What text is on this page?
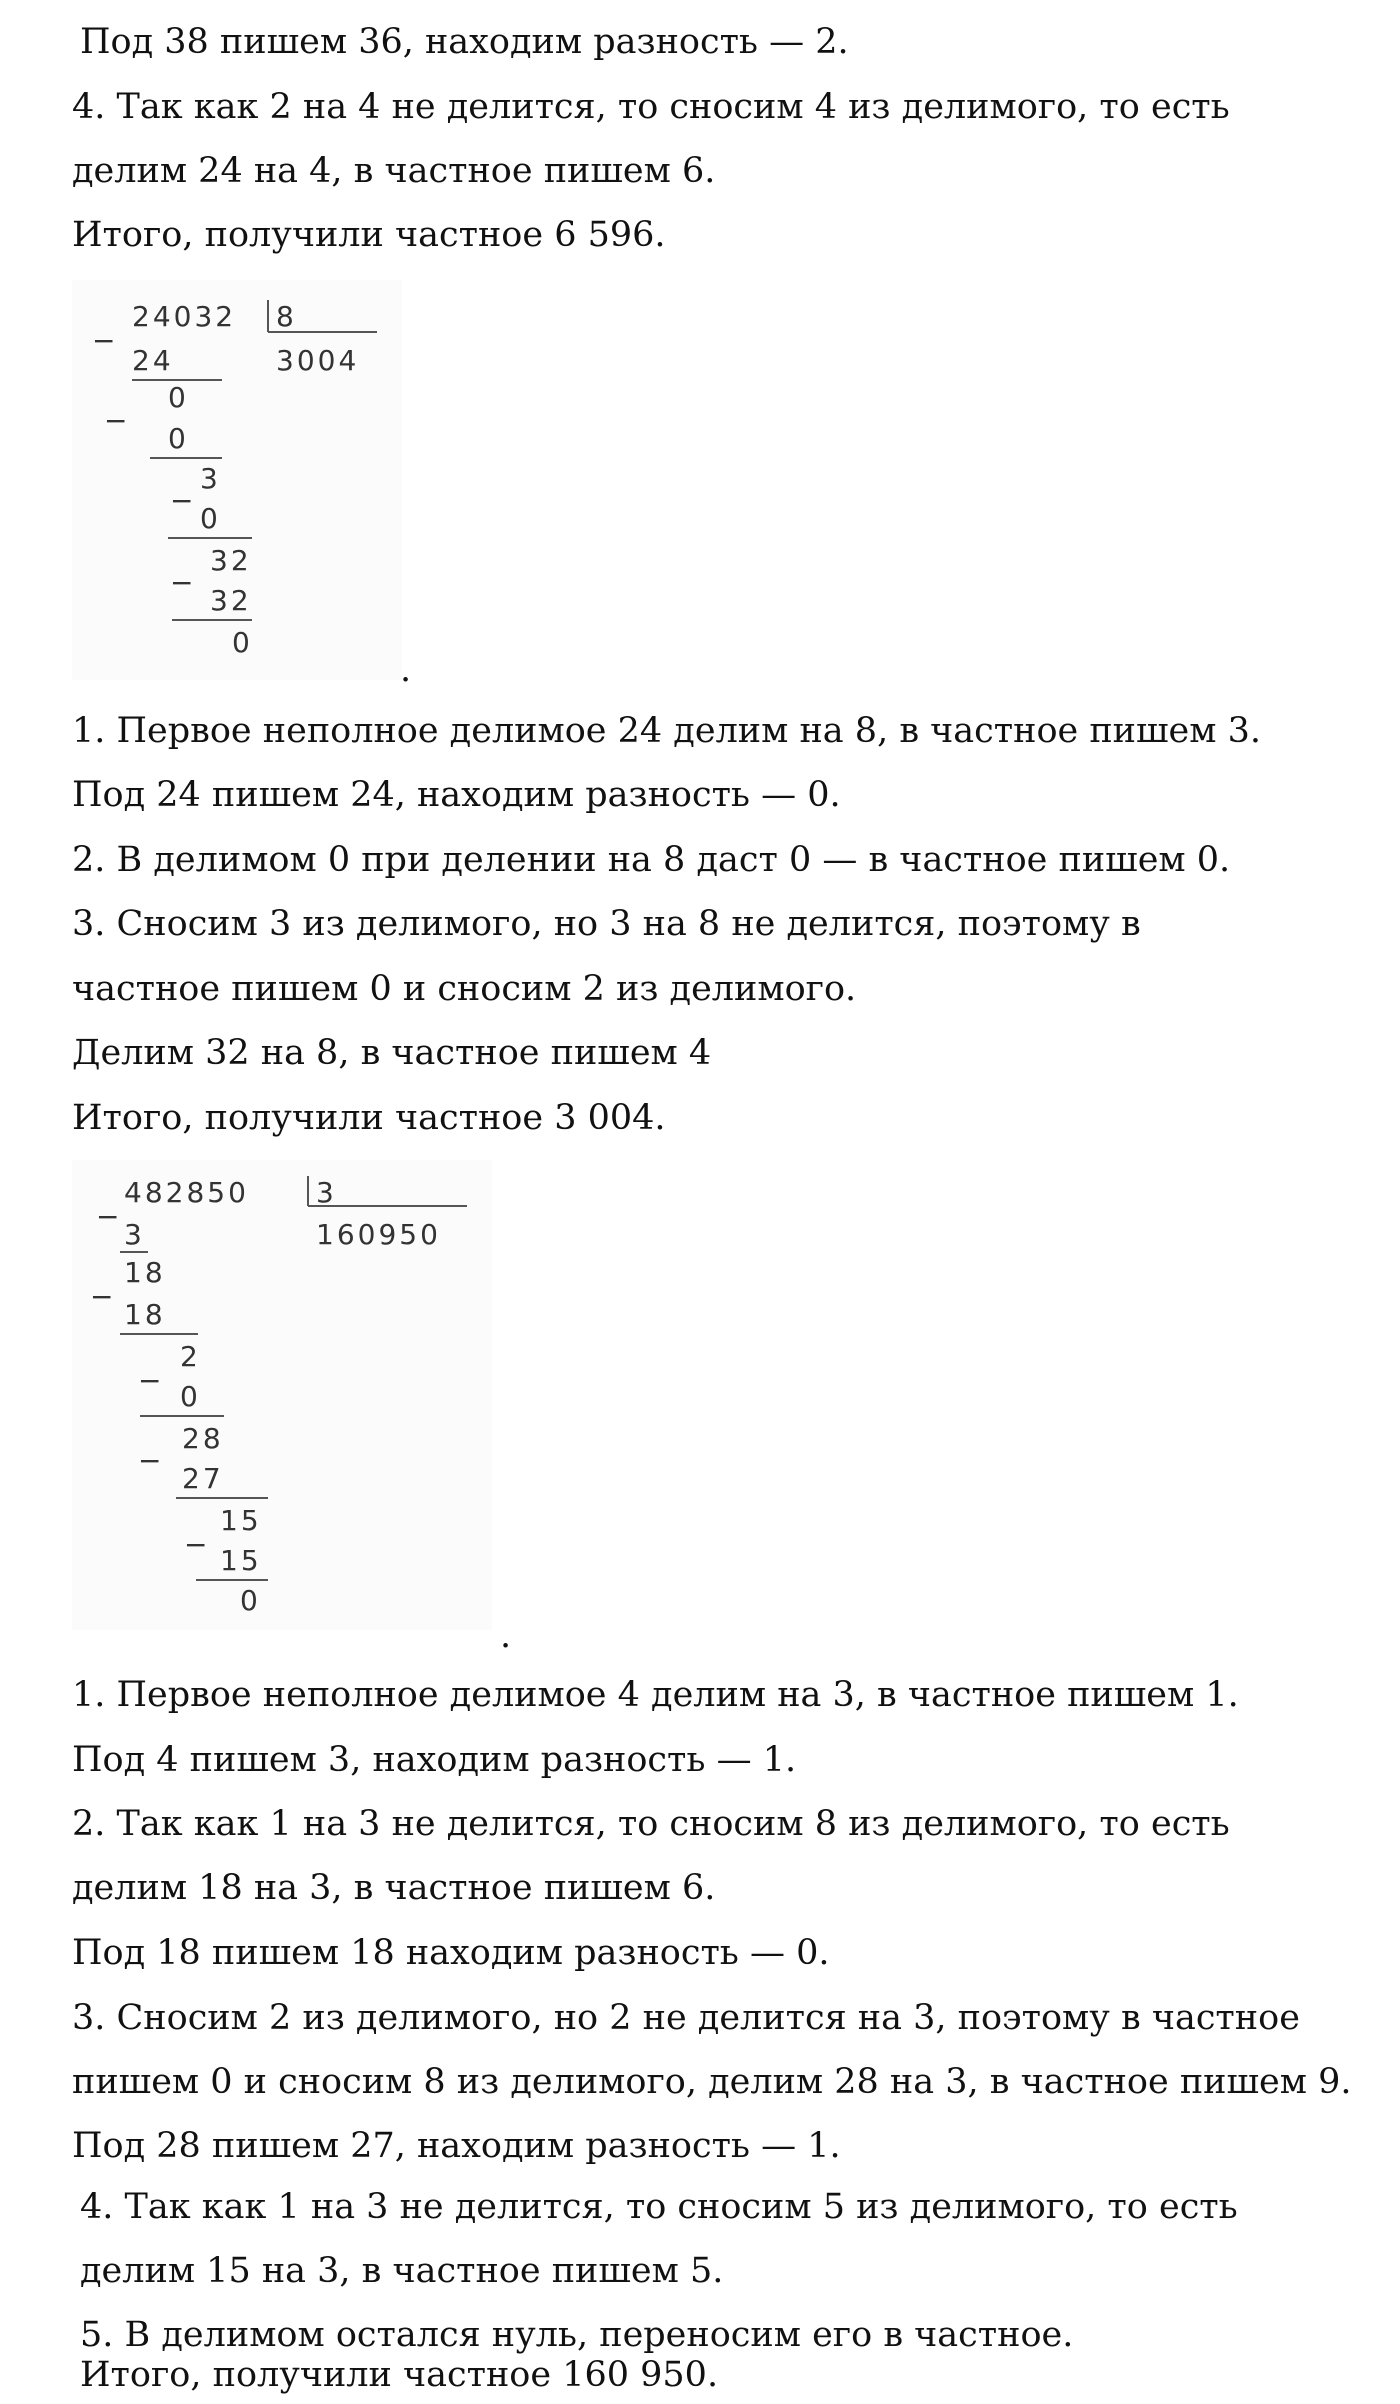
Под 38 пишем 36, находим разность — 2.

4. Так как 2 на 4 не делится, то сносим 4 из делимого, то есть

делим 24 на 4, в частное пишем 6.

Итого, получили частное 6 596.

24032 8
3004
−
24
0
−
0
3
−
0
32
−
32
0
.

1. Первое неполное делимое 24 делим на 8, в частное пишем 3.

Под 24 пишем 24, находим разность — 0.

2. В делимом 0 при делении на 8 даст 0 — в частное пишем 0.

3. Сносим 3 из делимого, но 3 на 8 не делится, поэтому в

частное пишем 0 и сносим 2 из делимого.

Делим 32 на 8, в частное пишем 4

Итого, получили частное 3 004.

482850 3
160950
−
3
18
−
18
2
− 0
28
−
27
15
− 15
0
.

1. Первое неполное делимое 4 делим на 3, в частное пишем 1.

Под 4 пишем 3, находим разность — 1.

2. Так как 1 на 3 не делится, то сносим 8 из делимого, то есть

делим 18 на 3, в частное пишем 6.

Под 18 пишем 18 находим разность — 0.

3. Сносим 2 из делимого, но 2 не делится на 3, поэтому в частное

пишем 0 и сносим 8 из делимого, делим 28 на 3, в частное пишем 9.

Под 28 пишем 27, находим разность — 1.

4. Так как 1 на 3 не делится, то сносим 5 из делимого, то есть

делим 15 на 3, в частное пишем 5.

5. В делимом остался нуль, переносим его в частное.

Итого, получили частное 160 950.
